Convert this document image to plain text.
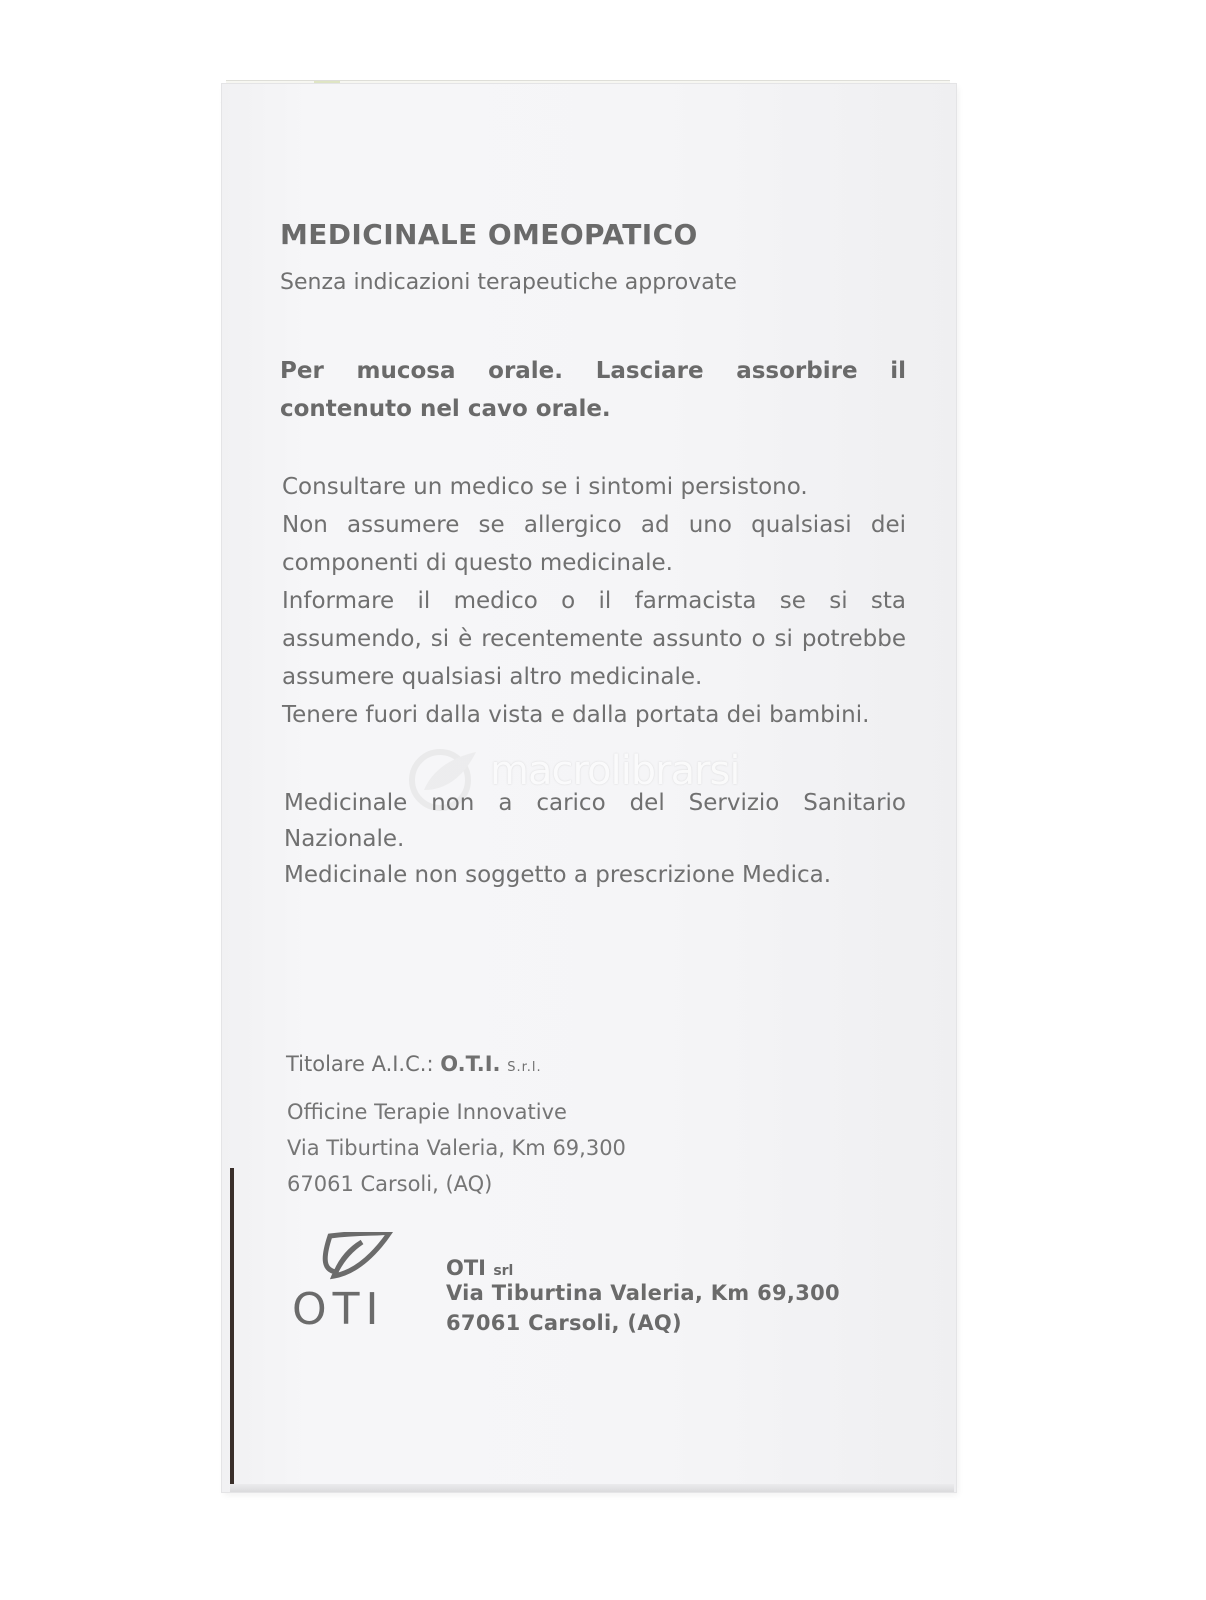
MEDICINALE OMEOPATICO

Senza indicazioni terapeutiche approvate

Per mucosa orale. Lasciare assorbire il contenuto nel cavo orale.

Consultare un medico se i sintomi persistono.
Non assumere se allergico ad uno qualsiasi dei componenti di questo medicinale.
Informare il medico o il farmacista se si sta assumendo, si è recentemente assunto o si potrebbe assumere qualsiasi altro medicinale.
Tenere fuori dalla vista e dalla portata dei bambini.
macrolibrarsi
Medicinale non a carico del Servizio Sanitario Nazionale.
Medicinale non soggetto a prescrizione Medica.

Titolare A.I.C.: O.T.I. S.r.l.

Officine Terapie Innovative
Via Tiburtina Valeria, Km 69,300
67061 Carsoli, (AQ)
OTI

OTI srl

Via Tiburtina Valeria, Km 69,300
67061 Carsoli, (AQ)
